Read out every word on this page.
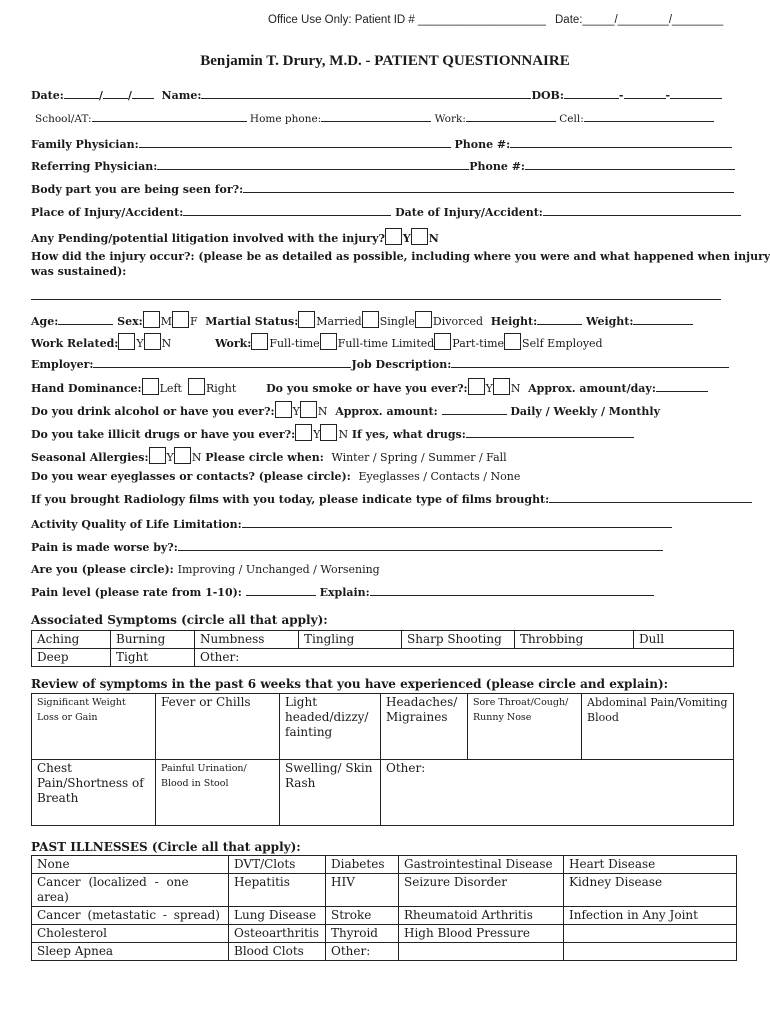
Office Use Only: Patient ID # ____________________ Date:_____/________/________
Benjamin T. Drury, M.D. - PATIENT QUESTIONNAIRE
Date:	/ /	Name:	DOB:	-	-
School/AT:	Home phone:	Work:	Cell:
Family Physician:	Phone #:
Referring Physician:	Phone #:
Body part you are being seen for?:
Place of Injury/Accident:	Date of Injury/Accident:
Any Pending/potential litigation involved with the injury? Y N
How did the injury occur?: (please be as detailed as possible, including where you were and what happened when injury
was sustained):
Age:	Sex: M F Martial Status: Married Single Divorced Height:	Weight:
Work Related: Y N	Work: Full-time Full-time Limited Part-time Self Employed
Employer:	Job Description:
Hand Dominance: Left Right	Do you smoke or have you ever?: Y N Approx. amount/day:
Do you drink alcohol or have you ever?: Y N Approx. amount:	Daily / Weekly / Monthly
Do you take illicit drugs or have you ever?: Y N If yes, what drugs:
Seasonal Allergies: Y N Please circle when: Winter / Spring / Summer / Fall
Do you wear eyeglasses or contacts? (please circle): Eyeglasses / Contacts / None
If you brought Radiology films with you today, please indicate type of films brought:
Activity Quality of Life Limitation:
Pain is made worse by?:
Are you (please circle): Improving / Unchanged / Worsening
Pain level (please rate from 1-10):	Explain:
Associated Symptoms (circle all that apply):
Aching	Burning	Numbness	Tingling	Sharp Shooting	Throbbing	Dull
Deep	Tight	Other:				
Review of symptoms in the past 6 weeks that you have experienced (please circle and explain):
Significant Weight Loss or Gain	Fever or Chills	Light headed/dizzy/ fainting	Headaches/ Migraines	Sore Throat/Cough/ Runny Nose	Abdominal Pain/Vomiting Blood
Chest Pain/Shortness of Breath	Painful Urination/ Blood in Stool	Swelling/ Skin Rash	Other:		
PAST ILLNESSES (Circle all that apply):
None	DVT/Clots	Diabetes	Gastrointestinal Disease	Heart Disease
Cancer (localized - one area)	Hepatitis	HIV	Seizure Disorder	Kidney Disease
Cancer (metastatic - spread)	Lung Disease	Stroke	Rheumatoid Arthritis	Infection in Any Joint
Cholesterol	Osteoarthritis	Thyroid	High Blood Pressure	
Sleep Apnea	Blood Clots	Other:		
